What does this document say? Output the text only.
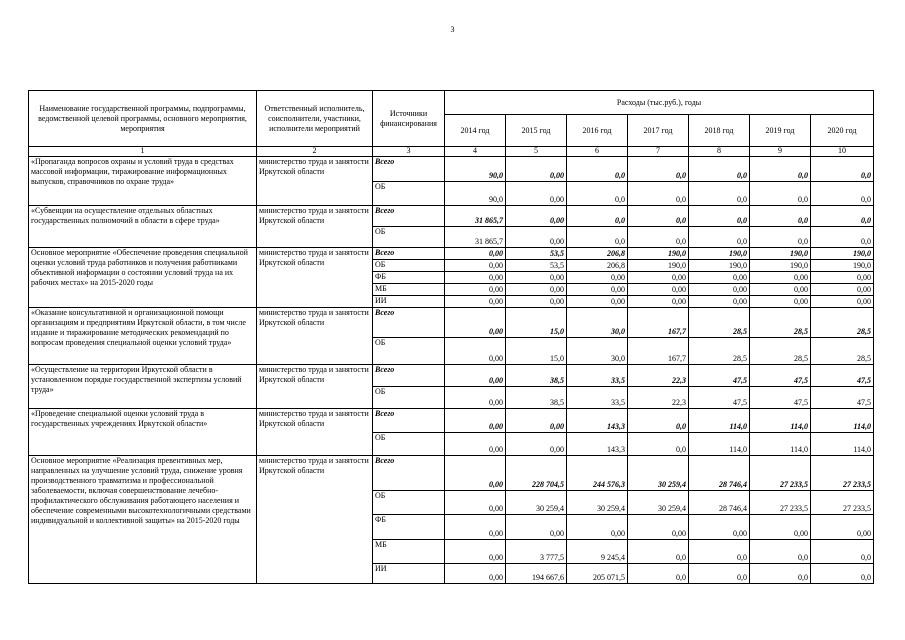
3
Наименование государственной программы, подпрограммы, ведомственной целевой программы, основного мероприятия, мероприятия	Ответственный исполнитель, соисполнители, участники, исполнители мероприятий	Источники финансирования	Расходы (тыс.руб.), годы						
			2014 год	2015 год	2016 год	2017 год	2018 год	2019 год	2020 год
1	2	3	4	5	6	7	8	9	10
«Пропаганда вопросов охраны и условий труда в средствах массовой информации, тиражирование информационных выпусков, справочников по охране труда»	министерство труда и занятости Иркутской области	Всего	90,0	0,00	0,0	0,0	0,0	0,0	0,0
		ОБ	90,0	0,00	0,0	0,0	0,0	0,0	0,0
«Субвенции на осуществление отдельных областных государственных полномочий в области в сфере труда»	министерство труда и занятости Иркутской области	Всего	31 865,7	0,00	0,0	0,0	0,0	0,0	0,0
		ОБ	31 865,7	0,00	0,0	0,0	0,0	0,0	0,0
Основное мероприятие «Обеспечение проведения специальной оценки условий труда работников и получения работниками объективной информации о состоянии условий труда на их рабочих местах» на 2015-2020 годы	министерство труда и занятости Иркутской области	Всего	0,00	53,5	206,8	190,0	190,0	190,0	190,0
		ОБ	0,00	53,5	206,8	190,0	190,0	190,0	190,0
		ФБ	0,00	0,00	0,00	0,00	0,00	0,00	0,00
		МБ	0,00	0,00	0,00	0,00	0,00	0,00	0,00
		ИИ	0,00	0,00	0,00	0,00	0,00	0,00	0,00
«Оказание консультативной и организационной помощи организациям и предприятиям Иркутской области, в том числе издание и тиражирование методических рекомендаций по вопросам проведения специальной оценки условий труда»	министерство труда и занятости Иркутской области	Всего	0,00	15,0	30,0	167,7	28,5	28,5	28,5
		ОБ	0,00	15,0	30,0	167,7	28,5	28,5	28,5
«Осуществление на территории Иркутской области в установленном порядке государственной экспертизы условий труда»	министерство труда и занятости Иркутской области	Всего	0,00	38,5	33,5	22,3	47,5	47,5	47,5
		ОБ	0,00	38,5	33,5	22,3	47,5	47,5	47,5
«Проведение специальной оценки условий труда в государственных учреждениях Иркутской области»	министерство труда и занятости Иркутской области	Всего	0,00	0,00	143,3	0,0	114,0	114,0	114,0
		ОБ	0,00	0,00	143,3	0,0	114,0	114,0	114,0
Основное мероприятие «Реализация превентивных мер, направленных на улучшение условий труда, снижение уровня производственного травматизма и профессиональной заболеваемости, включая совершенствование лечебно-профилактического обслуживания работающего населения и обеспечение современными высокотехнологичными средствами индивидуальной и коллективной защиты» на 2015-2020 годы	министерство труда и занятости Иркутской области	Всего	0,00	228 704,5	244 576,3	30 259,4	28 746,4	27 233,5	27 233,5
		ОБ	0,00	30 259,4	30 259,4	30 259,4	28 746,4	27 233,5	27 233,5
		ФБ	0,00	0,00	0,00	0,00	0,00	0,00	0,00
		МБ	0,00	3 777,5	9 245,4	0,0	0,0	0,0	0,0
		ИИ	0,00	194 667,6	205 071,5	0,0	0,0	0,0	0,0
